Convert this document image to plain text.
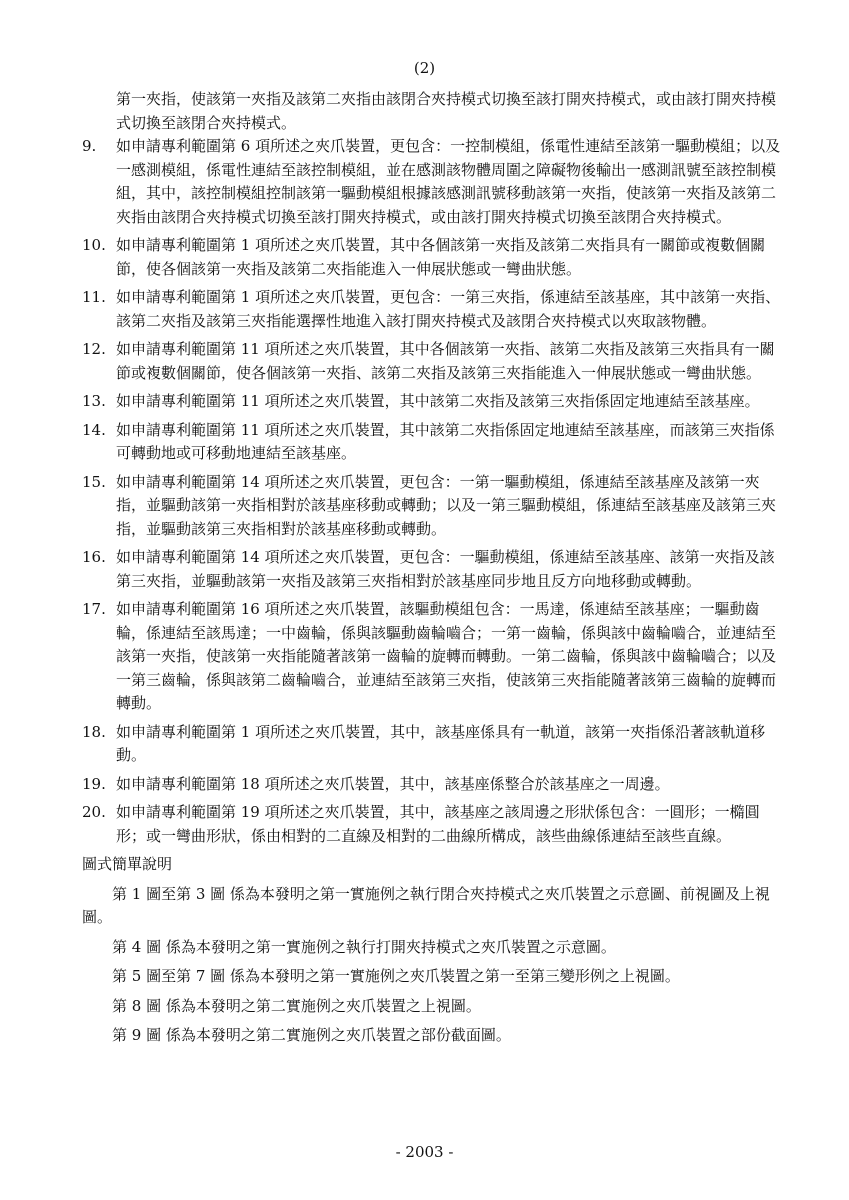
(2)
第一夾指，使該第一夾指及該第二夾指由該閉合夾持模式切換至該打開夾持模式，或由該打開夾持模式切換至該閉合夾持模式。
9.	如申請專利範圍第 6 項所述之夾爪裝置，更包含：一控制模組，係電性連結至該第一驅動模組；以及一感測模組，係電性連結至該控制模組，並在感測該物體周圍之障礙物後輸出一感測訊號至該控制模組，其中，該控制模組控制該第一驅動模組根據該感測訊號移動該第一夾指，使該第一夾指及該第二夾指由該閉合夾持模式切換至該打開夾持模式，或由該打開夾持模式切換至該閉合夾持模式。
10. 如申請專利範圍第 1 項所述之夾爪裝置，其中各個該第一夾指及該第二夾指具有一關節或複數個關節，使各個該第一夾指及該第二夾指能進入一伸展狀態或一彎曲狀態。
11. 如申請專利範圍第 1 項所述之夾爪裝置，更包含：一第三夾指，係連結至該基座，其中該第一夾指、該第二夾指及該第三夾指能選擇性地進入該打開夾持模式及該閉合夾持模式以夾取該物體。
12. 如申請專利範圍第 11 項所述之夾爪裝置，其中各個該第一夾指、該第二夾指及該第三夾指具有一關節或複數個關節，使各個該第一夾指、該第二夾指及該第三夾指能進入一伸展狀態或一彎曲狀態。
13. 如申請專利範圍第 11 項所述之夾爪裝置，其中該第二夾指及該第三夾指係固定地連結至該基座。
14. 如申請專利範圍第 11 項所述之夾爪裝置，其中該第二夾指係固定地連結至該基座，而該第三夾指係可轉動地或可移動地連結至該基座。
15. 如申請專利範圍第 14 項所述之夾爪裝置，更包含：一第一驅動模組，係連結至該基座及該第一夾指，並驅動該第一夾指相對於該基座移動或轉動；以及一第三驅動模組，係連結至該基座及該第三夾指，並驅動該第三夾指相對於該基座移動或轉動。
16. 如申請專利範圍第 14 項所述之夾爪裝置，更包含：一驅動模組，係連結至該基座、該第一夾指及該第三夾指，並驅動該第一夾指及該第三夾指相對於該基座同步地且反方向地移動或轉動。
17. 如申請專利範圍第 16 項所述之夾爪裝置，該驅動模組包含：一馬達，係連結至該基座；一驅動齒輪，係連結至該馬達；一中齒輪，係與該驅動齒輪嚙合；一第一齒輪，係與該中齒輪嚙合，並連結至該第一夾指，使該第一夾指能隨著該第一齒輪的旋轉而轉動。一第二齒輪，係與該中齒輪嚙合；以及一第三齒輪，係與該第二齒輪嚙合，並連結至該第三夾指，使該第三夾指能隨著該第三齒輪的旋轉而轉動。
18. 如申請專利範圍第 1 項所述之夾爪裝置，其中，該基座係具有一軌道，該第一夾指係沿著該軌道移動。
19. 如申請專利範圍第 18 項所述之夾爪裝置，其中，該基座係整合於該基座之一周邊。
20. 如申請專利範圍第 19 項所述之夾爪裝置，其中，該基座之該周邊之形狀係包含：一圓形；一橢圓形；或一彎曲形狀，係由相對的二直線及相對的二曲線所構成，該些曲線係連結至該些直線。
圖式簡單說明
第 1 圖至第 3 圖 係為本發明之第一實施例之執行閉合夾持模式之夾爪裝置之示意圖、前視圖及上視圖。
第 4 圖 係為本發明之第一實施例之執行打開夾持模式之夾爪裝置之示意圖。
第 5 圖至第 7 圖 係為本發明之第一實施例之夾爪裝置之第一至第三變形例之上視圖。
第 8 圖 係為本發明之第二實施例之夾爪裝置之上視圖。
第 9 圖 係為本發明之第二實施例之夾爪裝置之部份截面圖。
- 2003 -
